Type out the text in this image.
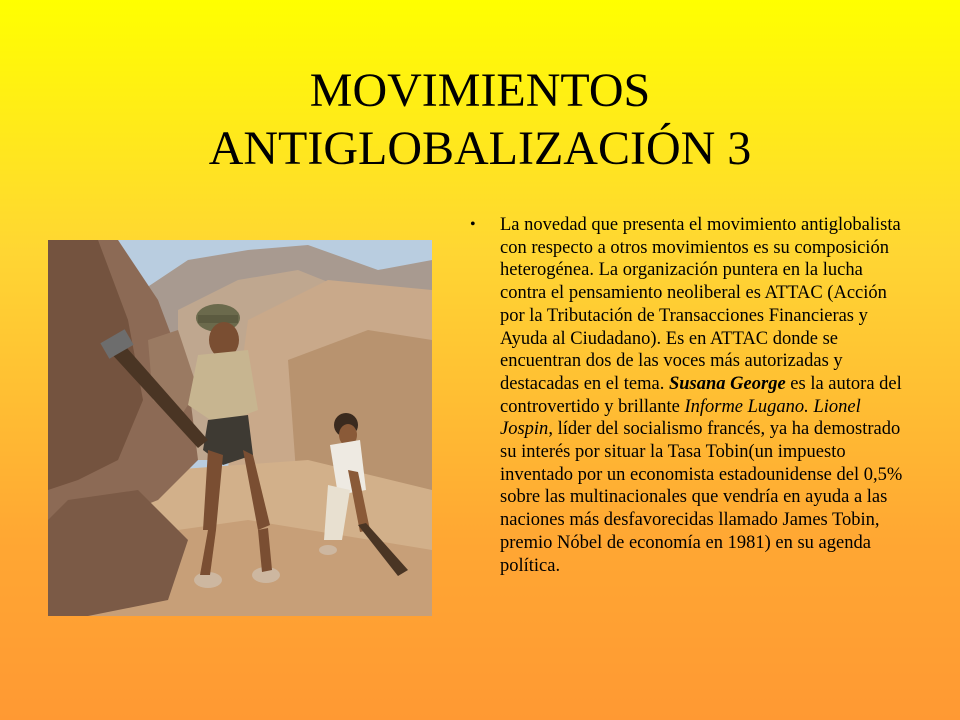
MOVIMIENTOS
ANTIGLOBALIZACIÓN 3
•	La novedad que presenta el movimiento antiglobalista con respecto a otros movimientos es su composición heterogénea. La organización puntera en la lucha contra el pensamiento neoliberal es ATTAC (Acción por la Tributación de Transacciones Financieras y Ayuda al Ciudadano). Es en ATTAC donde se encuentran dos de las voces más autorizadas y destacadas en el tema. Susana George es la autora del controvertido y brillante Informe Lugano. Lionel Jospin, líder del socialismo francés, ya ha demostrado su interés por situar la Tasa Tobin(un impuesto inventado por un economista estadounidense del 0,5% sobre las multinacionales que vendría en ayuda a las naciones más desfavorecidas llamado James Tobin, premio Nóbel de economía en 1981) en su agenda política.
